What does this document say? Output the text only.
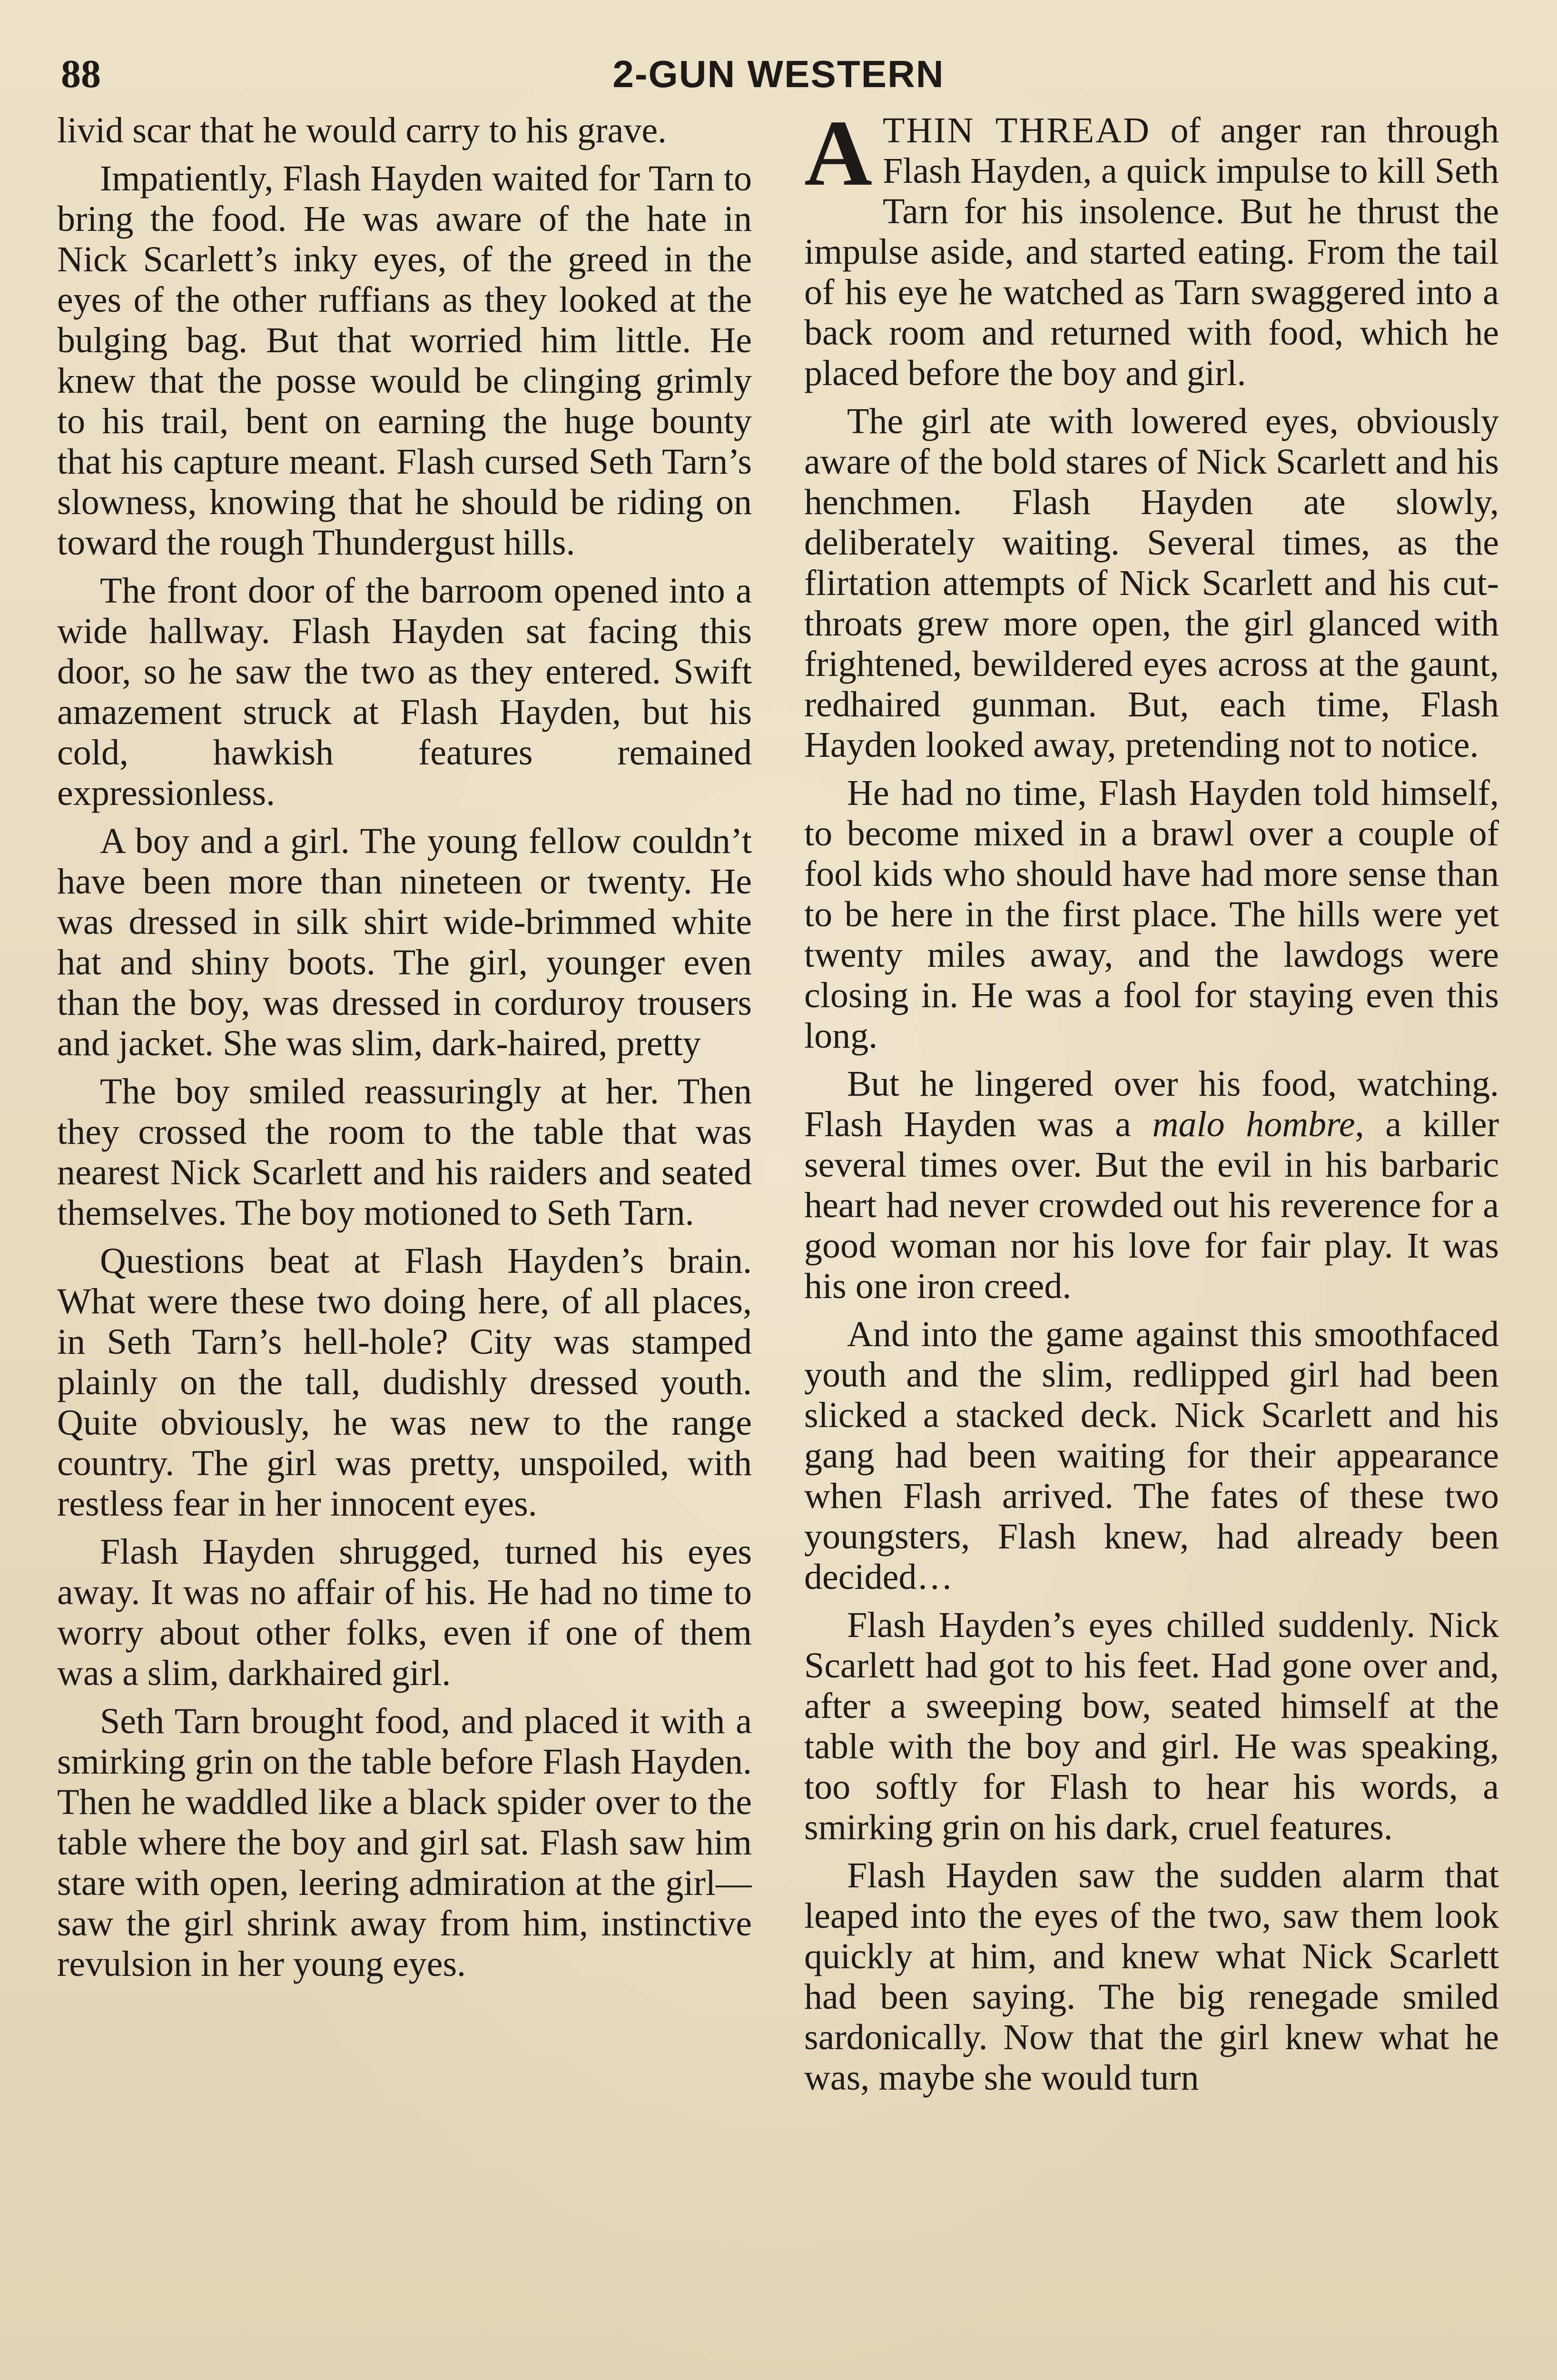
88	2-GUN WESTERN

livid scar that he would carry to his grave.

Impatiently, Flash Hayden waited for Tarn to bring the food. He was aware of the hate in Nick Scarlett’s inky eyes, of the greed in the eyes of the other ruffians as they looked at the bulging bag. But that worried him little. He knew that the posse would be clinging grimly to his trail, bent on earning the huge bounty that his capture meant. Flash cursed Seth Tarn’s slowness, knowing that he should be riding on toward the rough Thundergust hills.

The front door of the barroom opened into a wide hallway. Flash Hayden sat facing this door, so he saw the two as they entered. Swift amazement struck at Flash Hayden, but his cold, hawkish features remained expressionless.

A boy and a girl. The young fellow couldn’t have been more than nineteen or twenty. He was dressed in silk shirt wide-brimmed white hat and shiny boots. The girl, younger even than the boy, was dressed in corduroy trousers and jacket. She was slim, dark-haired, pretty

The boy smiled reassuringly at her. Then they crossed the room to the table that was nearest Nick Scarlett and his raiders and seated themselves. The boy motioned to Seth Tarn.

Questions beat at Flash Hayden’s brain. What were these two doing here, of all places, in Seth Tarn’s hell-hole? City was stamped plainly on the tall, dudishly dressed youth. Quite obviously, he was new to the range country. The girl was pretty, unspoiled, with restless fear in her innocent eyes.

Flash Hayden shrugged, turned his eyes away. It was no affair of his. He had no time to worry about other folks, even if one of them was a slim, darkhaired girl.

Seth Tarn brought food, and placed it with a smirking grin on the table before Flash Hayden. Then he waddled like a black spider over to the table where the boy and girl sat. Flash saw him stare with open, leering admiration at the girl—saw the girl shrink away from him, instinctive revulsion in her young eyes.

ATHIN THREAD of anger ran through Flash Hayden, a quick impulse to kill Seth Tarn for his insolence. But he thrust the impulse aside, and started eating. From the tail of his eye he watched as Tarn swaggered into a back room and returned with food, which he placed before the boy and girl.

The girl ate with lowered eyes, obviously aware of the bold stares of Nick Scarlett and his henchmen. Flash Hayden ate slowly, deliberately waiting. Several times, as the flirtation attempts of Nick Scarlett and his cut-throats grew more open, the girl glanced with frightened, bewildered eyes across at the gaunt, redhaired gunman. But, each time, Flash Hayden looked away, pretending not to notice.

He had no time, Flash Hayden told himself, to become mixed in a brawl over a couple of fool kids who should have had more sense than to be here in the first place. The hills were yet twenty miles away, and the lawdogs were closing in. He was a fool for staying even this long.

But he lingered over his food, watching. Flash Hayden was a malo hombre, a killer several times over. But the evil in his barbaric heart had never crowded out his reverence for a good woman nor his love for fair play. It was his one iron creed.

And into the game against this smoothfaced youth and the slim, redlipped girl had been slicked a stacked deck. Nick Scarlett and his gang had been waiting for their appearance when Flash arrived. The fates of these two youngsters, Flash knew, had already been decided…

Flash Hayden’s eyes chilled suddenly. Nick Scarlett had got to his feet. Had gone over and, after a sweeping bow, seated himself at the table with the boy and girl. He was speaking, too softly for Flash to hear his words, a smirking grin on his dark, cruel features.

Flash Hayden saw the sudden alarm that leaped into the eyes of the two, saw them look quickly at him, and knew what Nick Scarlett had been saying. The big renegade smiled sardonically. Now that the girl knew what he was, maybe she would turn
